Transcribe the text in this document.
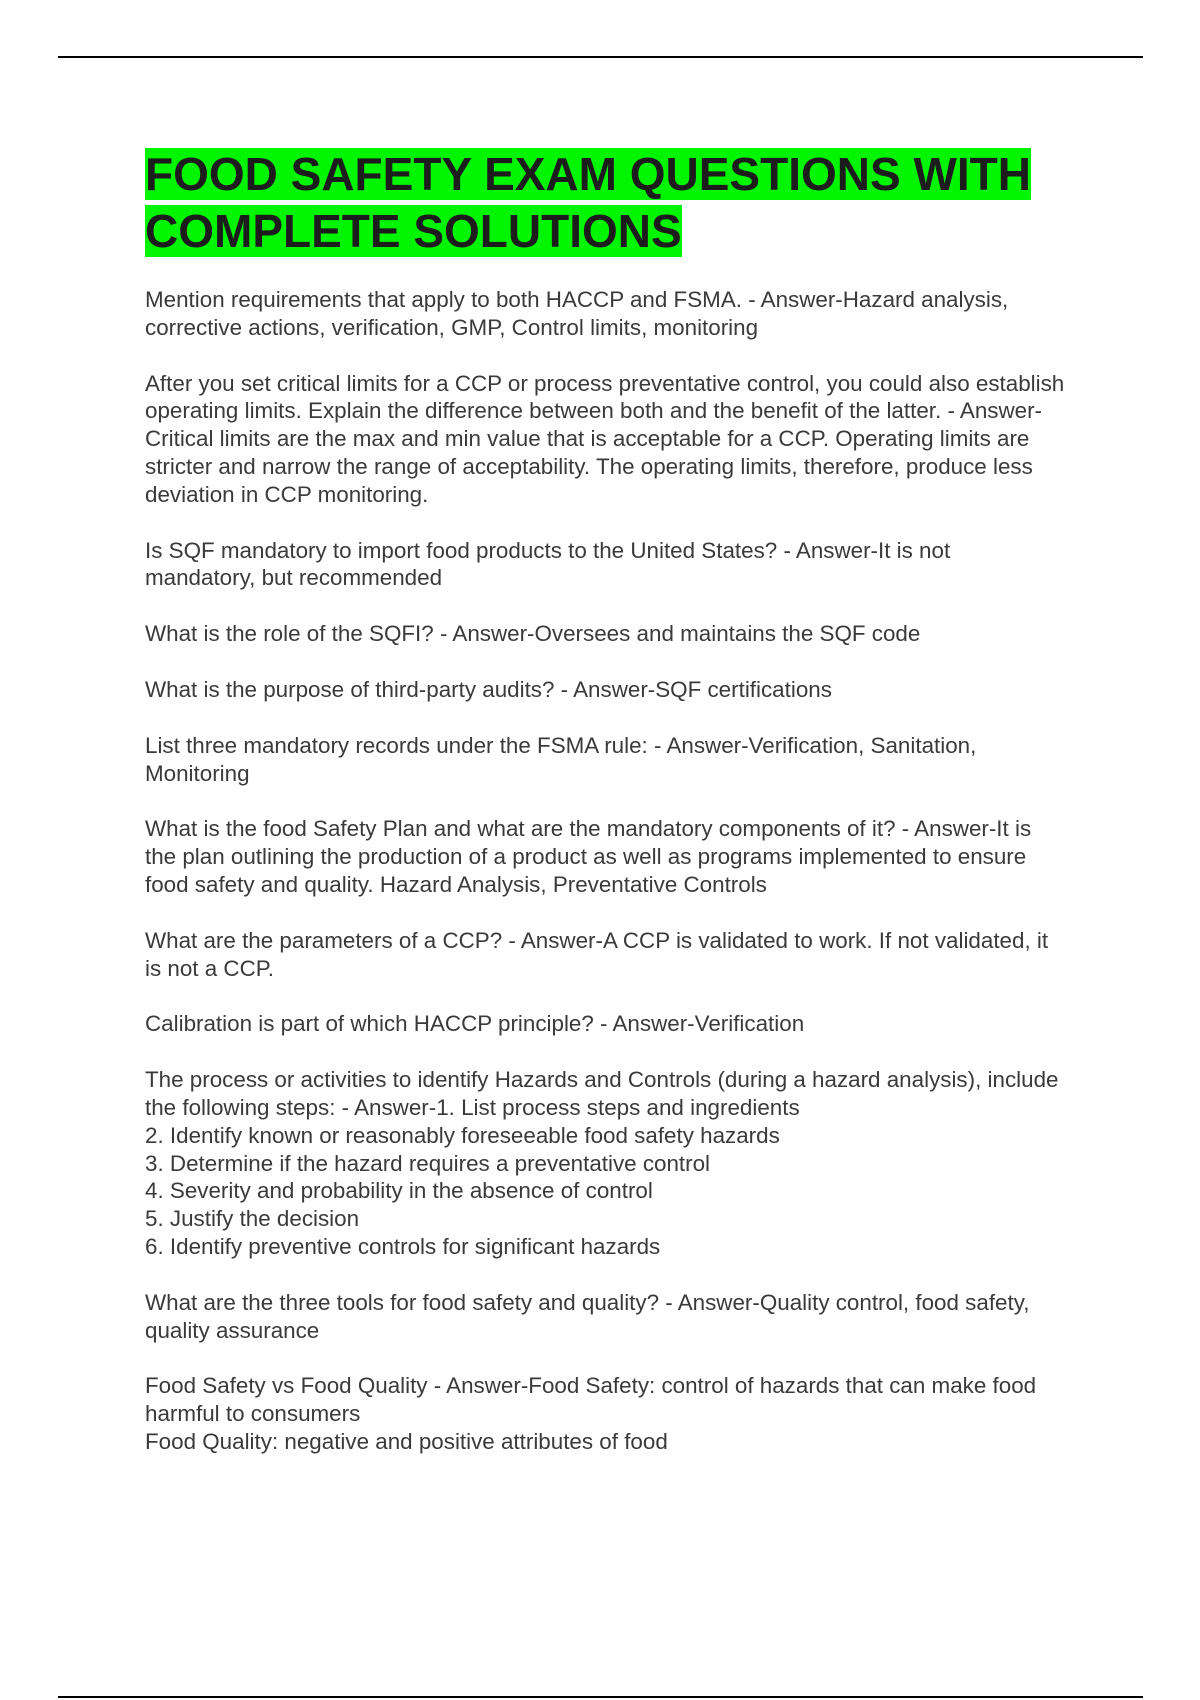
FOOD SAFETY EXAM QUESTIONS WITH COMPLETE SOLUTIONS

Mention requirements that apply to both HACCP and FSMA. - Answer-Hazard analysis, corrective actions, verification, GMP, Control limits, monitoring

After you set critical limits for a CCP or process preventative control, you could also establish operating limits. Explain the difference between both and the benefit of the latter. - Answer-Critical limits are the max and min value that is acceptable for a CCP. Operating limits are stricter and narrow the range of acceptability. The operating limits, therefore, produce less deviation in CCP monitoring.

Is SQF mandatory to import food products to the United States? - Answer-It is not mandatory, but recommended

What is the role of the SQFI? - Answer-Oversees and maintains the SQF code

What is the purpose of third-party audits? - Answer-SQF certifications

List three mandatory records under the FSMA rule: - Answer-Verification, Sanitation, Monitoring

What is the food Safety Plan and what are the mandatory components of it? - Answer-It is the plan outlining the production of a product as well as programs implemented to ensure food safety and quality. Hazard Analysis, Preventative Controls

What are the parameters of a CCP? - Answer-A CCP is validated to work. If not validated, it is not a CCP.

Calibration is part of which HACCP principle? - Answer-Verification

The process or activities to identify Hazards and Controls (during a hazard analysis), include the following steps: - Answer-1. List process steps and ingredients
2. Identify known or reasonably foreseeable food safety hazards
3. Determine if the hazard requires a preventative control
4. Severity and probability in the absence of control
5. Justify the decision
6. Identify preventive controls for significant hazards

What are the three tools for food safety and quality? - Answer-Quality control, food safety, quality assurance

Food Safety vs Food Quality - Answer-Food Safety: control of hazards that can make food harmful to consumers
Food Quality: negative and positive attributes of food
